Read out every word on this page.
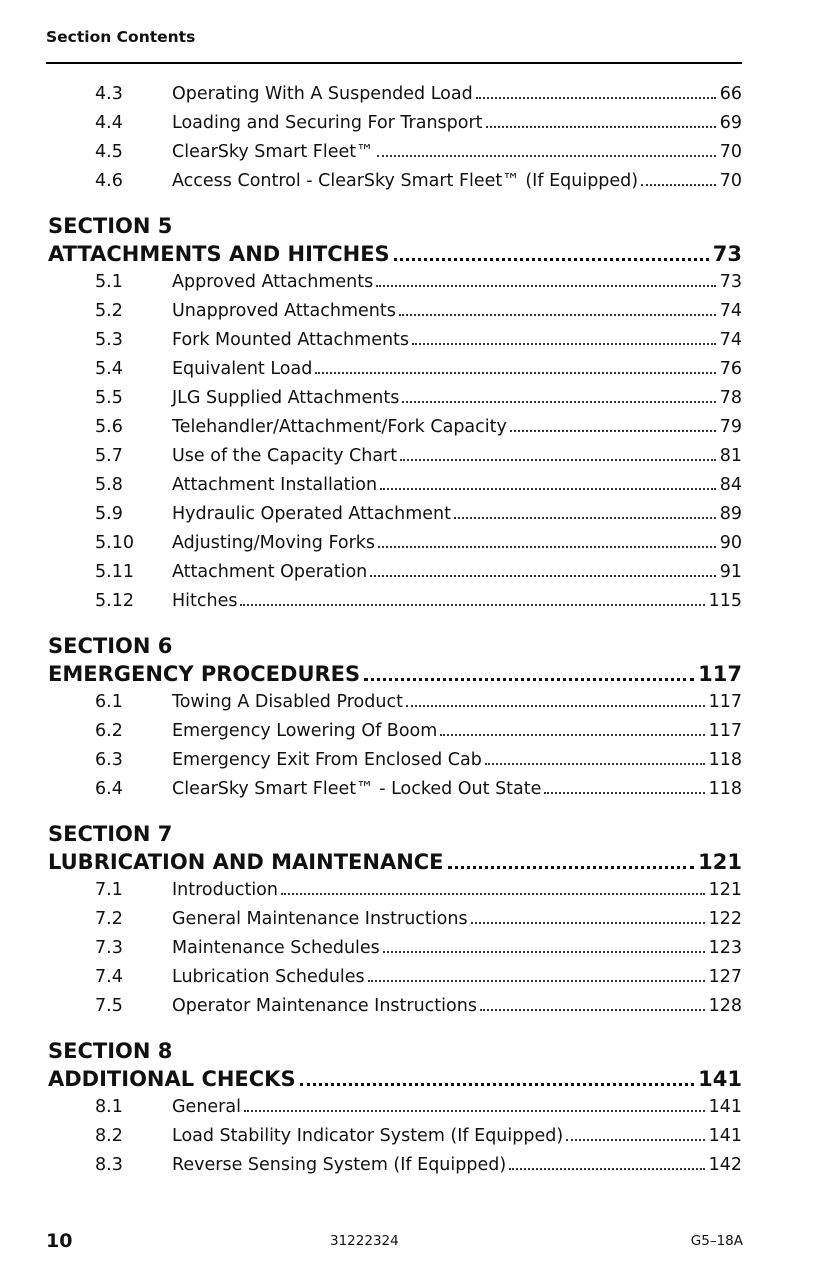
Section Contents
4.3	Operating With A Suspended Load	66
4.4	Loading and Securing For Transport	69
4.5	ClearSky Smart Fleet™	70
4.6	Access Control - ClearSky Smart Fleet™ (If Equipped)	70
SECTION 5
ATTACHMENTS AND HITCHES	73
5.1	Approved Attachments	73
5.2	Unapproved Attachments	74
5.3	Fork Mounted Attachments	74
5.4	Equivalent Load	76
5.5	JLG Supplied Attachments	78
5.6	Telehandler/Attachment/Fork Capacity	79
5.7	Use of the Capacity Chart	81
5.8	Attachment Installation	84
5.9	Hydraulic Operated Attachment	89
5.10	Adjusting/Moving Forks	90
5.11	Attachment Operation	91
5.12	Hitches	115
SECTION 6
EMERGENCY PROCEDURES	117
6.1	Towing A Disabled Product	117
6.2	Emergency Lowering Of Boom	117
6.3	Emergency Exit From Enclosed Cab	118
6.4	ClearSky Smart Fleet™ - Locked Out State	118
SECTION 7
LUBRICATION AND MAINTENANCE	121
7.1	Introduction	121
7.2	General Maintenance Instructions	122
7.3	Maintenance Schedules	123
7.4	Lubrication Schedules	127
7.5	Operator Maintenance Instructions	128
SECTION 8
ADDITIONAL CHECKS	141
8.1	General	141
8.2	Load Stability Indicator System (If Equipped)	141
8.3	Reverse Sensing System (If Equipped)	142
10	31222324	G5–18A
